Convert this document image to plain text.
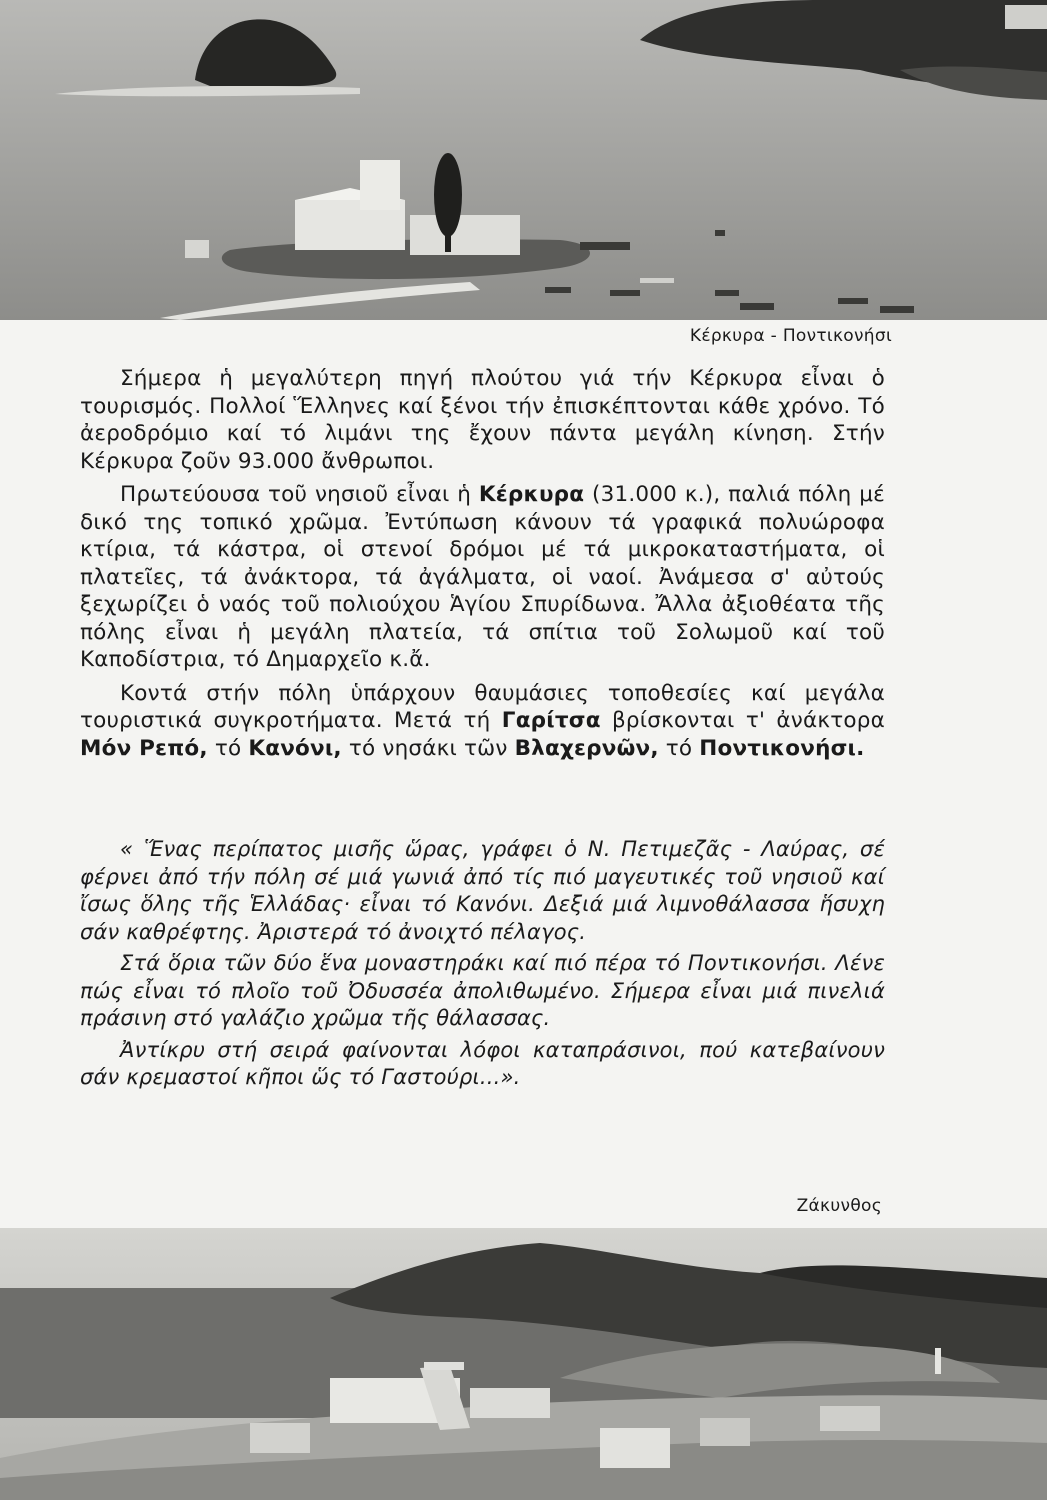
Κέρκυρα - Ποντικονήσι

Σήμερα ἡ μεγαλύτερη πηγή πλούτου γιά τήν Κέρκυρα εἶναι ὁ τουρισμός. Πολλοί Ἕλληνες καί ξένοι τήν ἐπισκέπτονται κάθε χρόνο. Τό ἀεροδρόμιο καί τό λιμάνι της ἔχουν πάντα μεγάλη κίνηση. Στήν Κέρκυρα ζοῦν 93.000 ἄνθρωποι.

Πρωτεύουσα τοῦ νησιοῦ εἶναι ἡ Κέρκυρα (31.000 κ.), παλιά πόλη μέ δικό της τοπικό χρῶμα. Ἐντύπωση κάνουν τά γραφικά πολυώροφα κτίρια, τά κάστρα, οἱ στενοί δρόμοι μέ τά μικροκαταστήματα, οἱ πλατεῖες, τά ἀνάκτορα, τά ἀγάλματα, οἱ ναοί. Ἀνάμεσα σ' αὐτούς ξεχωρίζει ὁ ναός τοῦ πολιούχου Ἁγίου Σπυρίδωνα. Ἄλλα ἀξιοθέατα τῆς πόλης εἶναι ἡ μεγάλη πλατεία, τά σπίτια τοῦ Σολωμοῦ καί τοῦ Καποδίστρια, τό Δημαρχεῖο κ.ἄ.

Κοντά στήν πόλη ὑπάρχουν θαυμάσιες τοποθεσίες καί μεγάλα τουριστικά συγκροτήματα. Μετά τή Γαρίτσα βρίσκονται τ' ἀνάκτορα Μόν Ρεπό, τό Κανόνι, τό νησάκι τῶν Βλαχερνῶν, τό Ποντικονήσι.

« Ἕνας περίπατος μισῆς ὥρας, γράφει ὁ Ν. Πετιμεζᾶς - Λαύρας, σέ φέρνει ἀπό τήν πόλη σέ μιά γωνιά ἀπό τίς πιό μαγευτικές τοῦ νησιοῦ καί ἴσως ὅλης τῆς Ἑλλάδας· εἶναι τό Κανόνι. Δεξιά μιά λιμνοθάλασσα ἥσυχη σάν καθρέφτης. Ἀριστερά τό ἀνοιχτό πέλαγος.

Στά ὅρια τῶν δύο ἕνα μοναστηράκι καί πιό πέρα τό Ποντικονήσι. Λένε πώς εἶναι τό πλοῖο τοῦ Ὀδυσσέα ἀπολιθωμένο. Σήμερα εἶναι μιά πινελιά πράσινη στό γαλάζιο χρῶμα τῆς θάλασσας.

Ἀντίκρυ στή σειρά φαίνονται λόφοι καταπράσινοι, πού κατεβαίνουν σάν κρεμαστοί κῆποι ὥς τό Γαστούρι...».

Ζάκυνθος
